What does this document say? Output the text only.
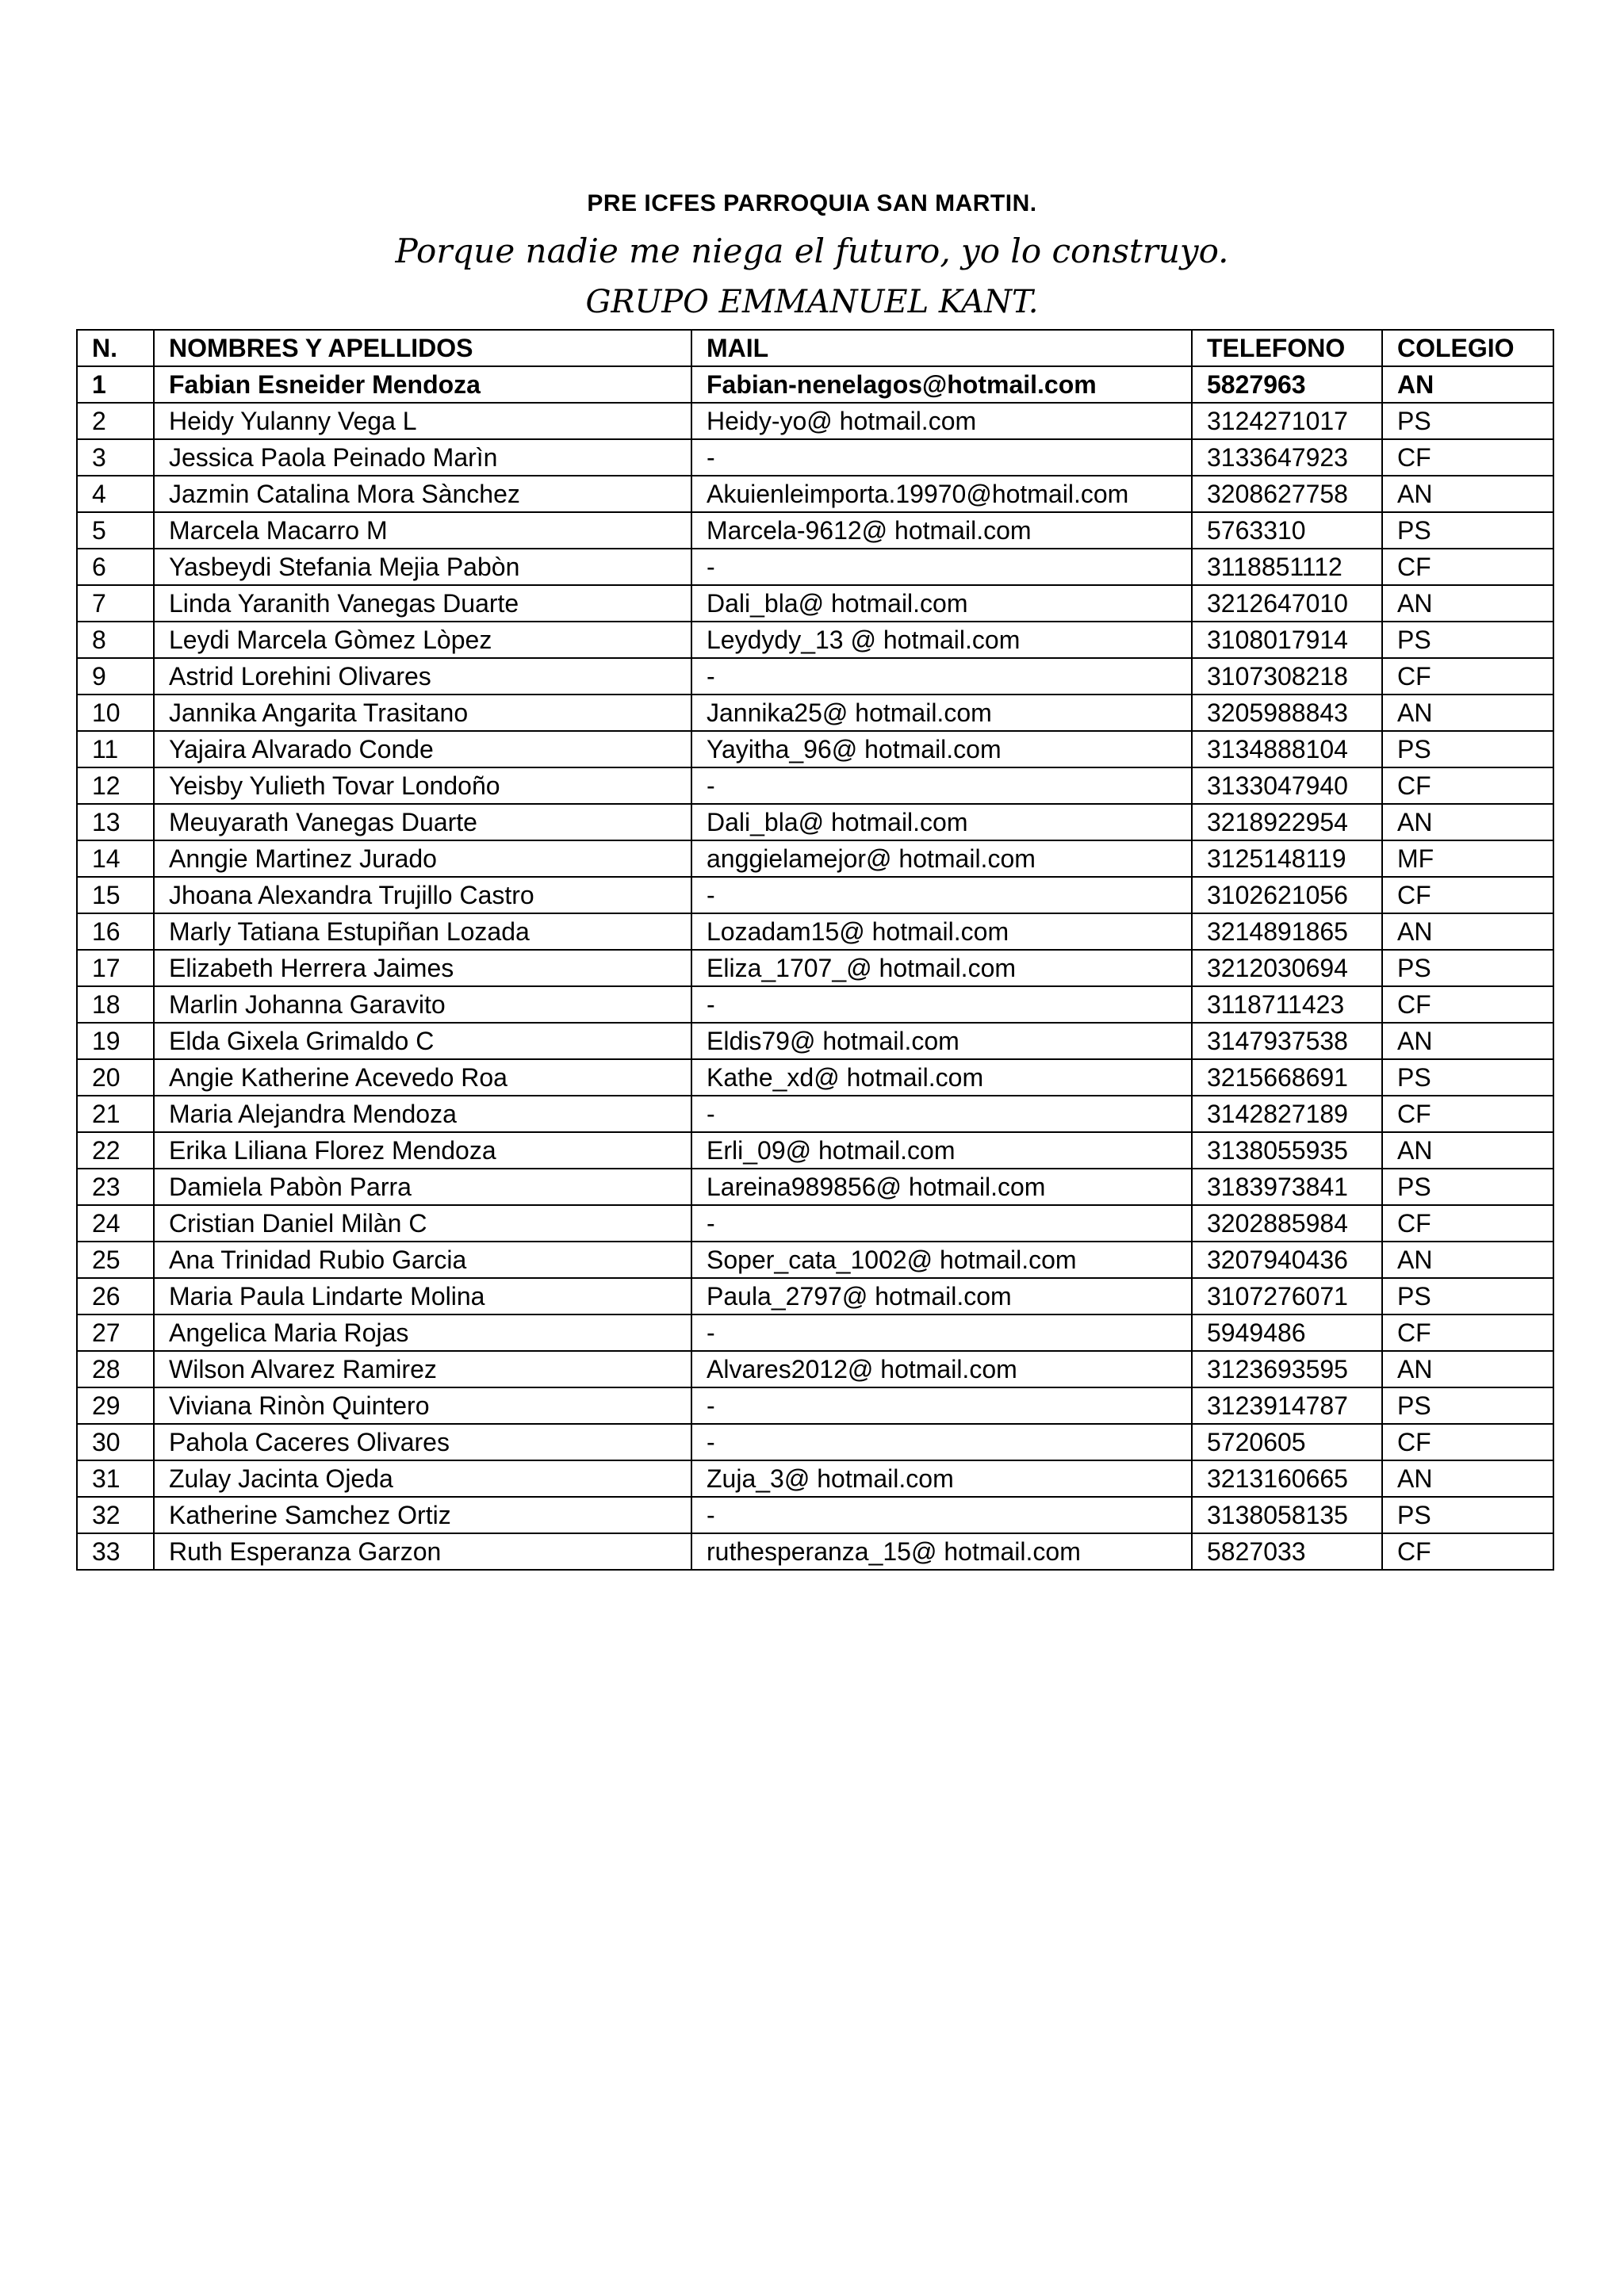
PRE ICFES PARROQUIA SAN MARTIN.
Porque nadie me niega el futuro, yo lo construyo.
GRUPO EMMANUEL KANT.
N.	NOMBRES Y APELLIDOS	MAIL	TELEFONO	COLEGIO
1	Fabian Esneider Mendoza	Fabian-nenelagos@hotmail.com	5827963	AN
2	Heidy Yulanny Vega L	Heidy-yo@ hotmail.com	3124271017	PS
3	Jessica Paola Peinado Marìn	-	3133647923	CF
4	Jazmin Catalina Mora Sànchez	Akuienleimporta.19970@hotmail.com	3208627758	AN
5	Marcela Macarro M	Marcela-9612@ hotmail.com	5763310	PS
6	Yasbeydi Stefania Mejia Pabòn	-	3118851112	CF
7	Linda Yaranith Vanegas Duarte	Dali_bla@ hotmail.com	3212647010	AN
8	Leydi Marcela Gòmez Lòpez	Leydydy_13 @ hotmail.com	3108017914	PS
9	Astrid Lorehini Olivares	-	3107308218	CF
10	Jannika Angarita Trasitano	Jannika25@ hotmail.com	3205988843	AN
11	Yajaira Alvarado Conde	Yayitha_96@ hotmail.com	3134888104	PS
12	Yeisby Yulieth Tovar Londoño	-	3133047940	CF
13	Meuyarath Vanegas Duarte	Dali_bla@ hotmail.com	3218922954	AN
14	Anngie Martinez Jurado	anggielamejor@ hotmail.com	3125148119	MF
15	Jhoana Alexandra Trujillo Castro	-	3102621056	CF
16	Marly Tatiana Estupiñan Lozada	Lozadam15@ hotmail.com	3214891865	AN
17	Elizabeth Herrera Jaimes	Eliza_1707_@ hotmail.com	3212030694	PS
18	Marlin Johanna Garavito	-	3118711423	CF
19	Elda Gixela Grimaldo C	Eldis79@ hotmail.com	3147937538	AN
20	Angie Katherine Acevedo Roa	Kathe_xd@ hotmail.com	3215668691	PS
21	Maria Alejandra Mendoza	-	3142827189	CF
22	Erika Liliana Florez Mendoza	Erli_09@ hotmail.com	3138055935	AN
23	Damiela Pabòn Parra	Lareina989856@ hotmail.com	3183973841	PS
24	Cristian Daniel Milàn C	-	3202885984	CF
25	Ana Trinidad Rubio Garcia	Soper_cata_1002@ hotmail.com	3207940436	AN
26	Maria Paula Lindarte Molina	Paula_2797@ hotmail.com	3107276071	PS
27	Angelica Maria Rojas	-	5949486	CF
28	Wilson Alvarez Ramirez	Alvares2012@ hotmail.com	3123693595	AN
29	Viviana Rinòn Quintero	-	3123914787	PS
30	Pahola Caceres Olivares	-	5720605	CF
31	Zulay Jacinta Ojeda	Zuja_3@ hotmail.com	3213160665	AN
32	Katherine Samchez Ortiz	-	3138058135	PS
33	Ruth Esperanza Garzon	ruthesperanza_15@ hotmail.com	5827033	CF
